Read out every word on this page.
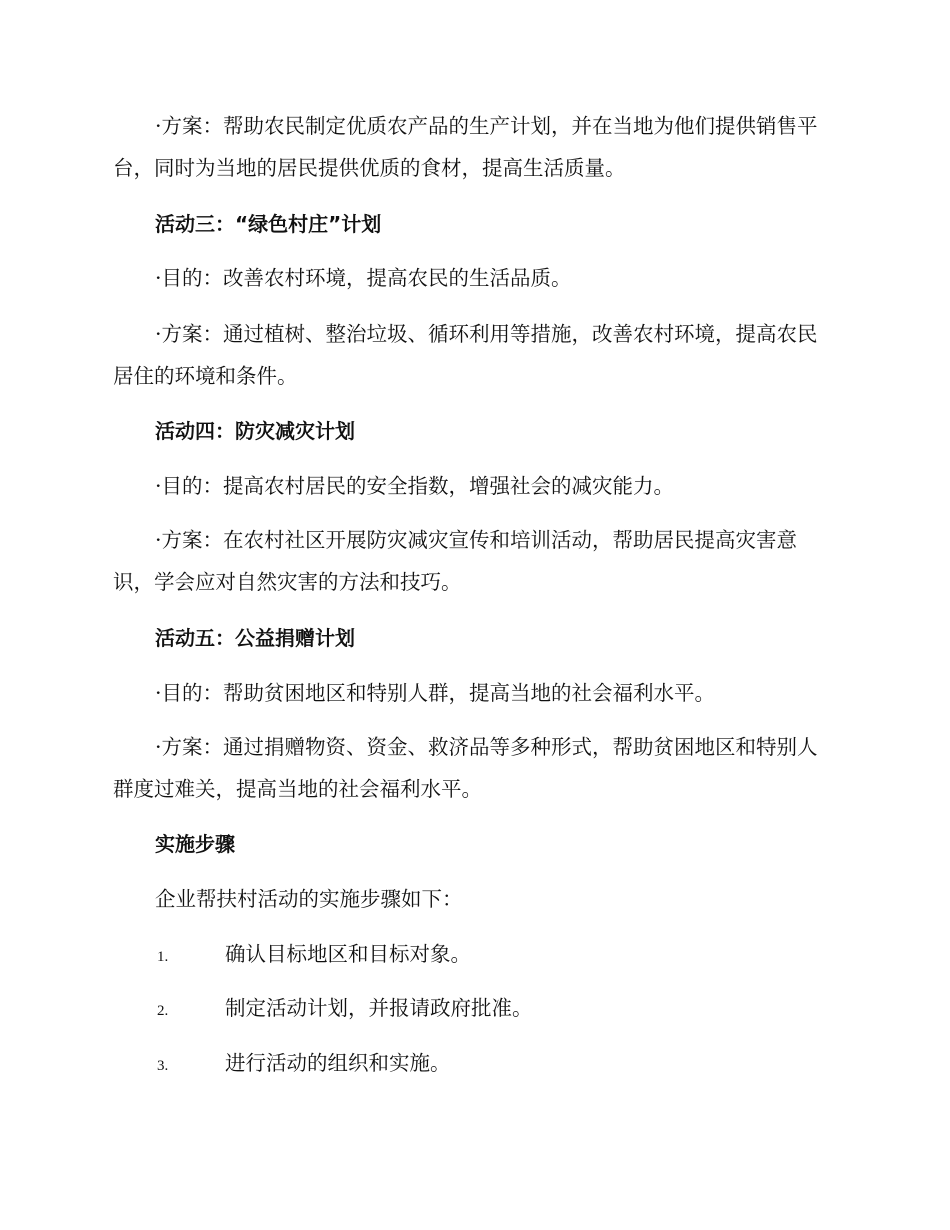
·方案：帮助农民制定优质农产品的生产计划，并在当地为他们提供销售平台，同时为当地的居民提供优质的食材，提高生活质量。

活动三：“绿色村庄”计划

·目的：改善农村环境，提高农民的生活品质。

·方案：通过植树、整治垃圾、循环利用等措施，改善农村环境，提高农民居住的环境和条件。

活动四：防灾减灾计划

·目的：提高农村居民的安全指数，增强社会的减灾能力。

·方案：在农村社区开展防灾减灾宣传和培训活动，帮助居民提高灾害意识，学会应对自然灾害的方法和技巧。

活动五：公益捐赠计划

·目的：帮助贫困地区和特别人群，提高当地的社会福利水平。

·方案：通过捐赠物资、资金、救济品等多种形式，帮助贫困地区和特别人群度过难关，提高当地的社会福利水平。

实施步骤

企业帮扶村活动的实施步骤如下：

1.	确认目标地区和目标对象。
2.	制定活动计划，并报请政府批准。
3.	进行活动的组织和实施。
